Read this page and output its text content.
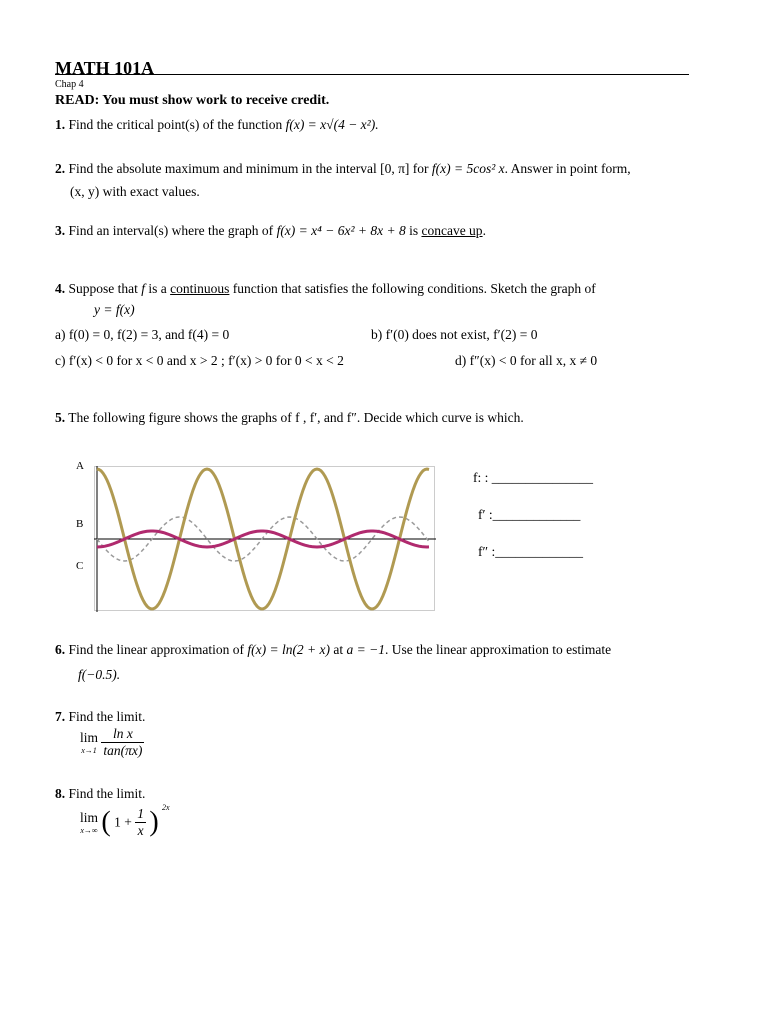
MATH 101A
Chap 4
READ: You must show work to receive credit.
1. Find the critical point(s) of the function f(x) = x√(4 − x²).
2. Find the absolute maximum and minimum in the interval [0, π] for f(x) = 5cos² x. Answer in point form,
(x, y) with exact values.
3. Find an interval(s) where the graph of f(x) = x⁴ − 6x² + 8x + 8 is concave up.
4. Suppose that f is a continuous function that satisfies the following conditions. Sketch the graph of
y = f(x)
a) f(0) = 0, f(2) = 3, and f(4) = 0	b) f′(0) does not exist, f′(2) = 0
c) f′(x) < 0 for x < 0 and x > 2 ; f′(x) > 0 for 0 < x < 2	d) f″(x) < 0 for all x, x ≠ 0
5. The following figure shows the graphs of f , f′, and f″. Decide which curve is which.
A
B
C
f: : _______________
f′ :_____________
f″ :_____________
6. Find the linear approximation of f(x) = ln(2 + x) at a = −1. Use the linear approximation to estimate
f(−0.5).
7. Find the limit.
lim
x→1
$\frac{\text{ln x}}{\tan(\pi x)}$
8. Find the limit.
lim
x→∞ ( $1 + \frac{1}{x}$ ) $^{2x}$
